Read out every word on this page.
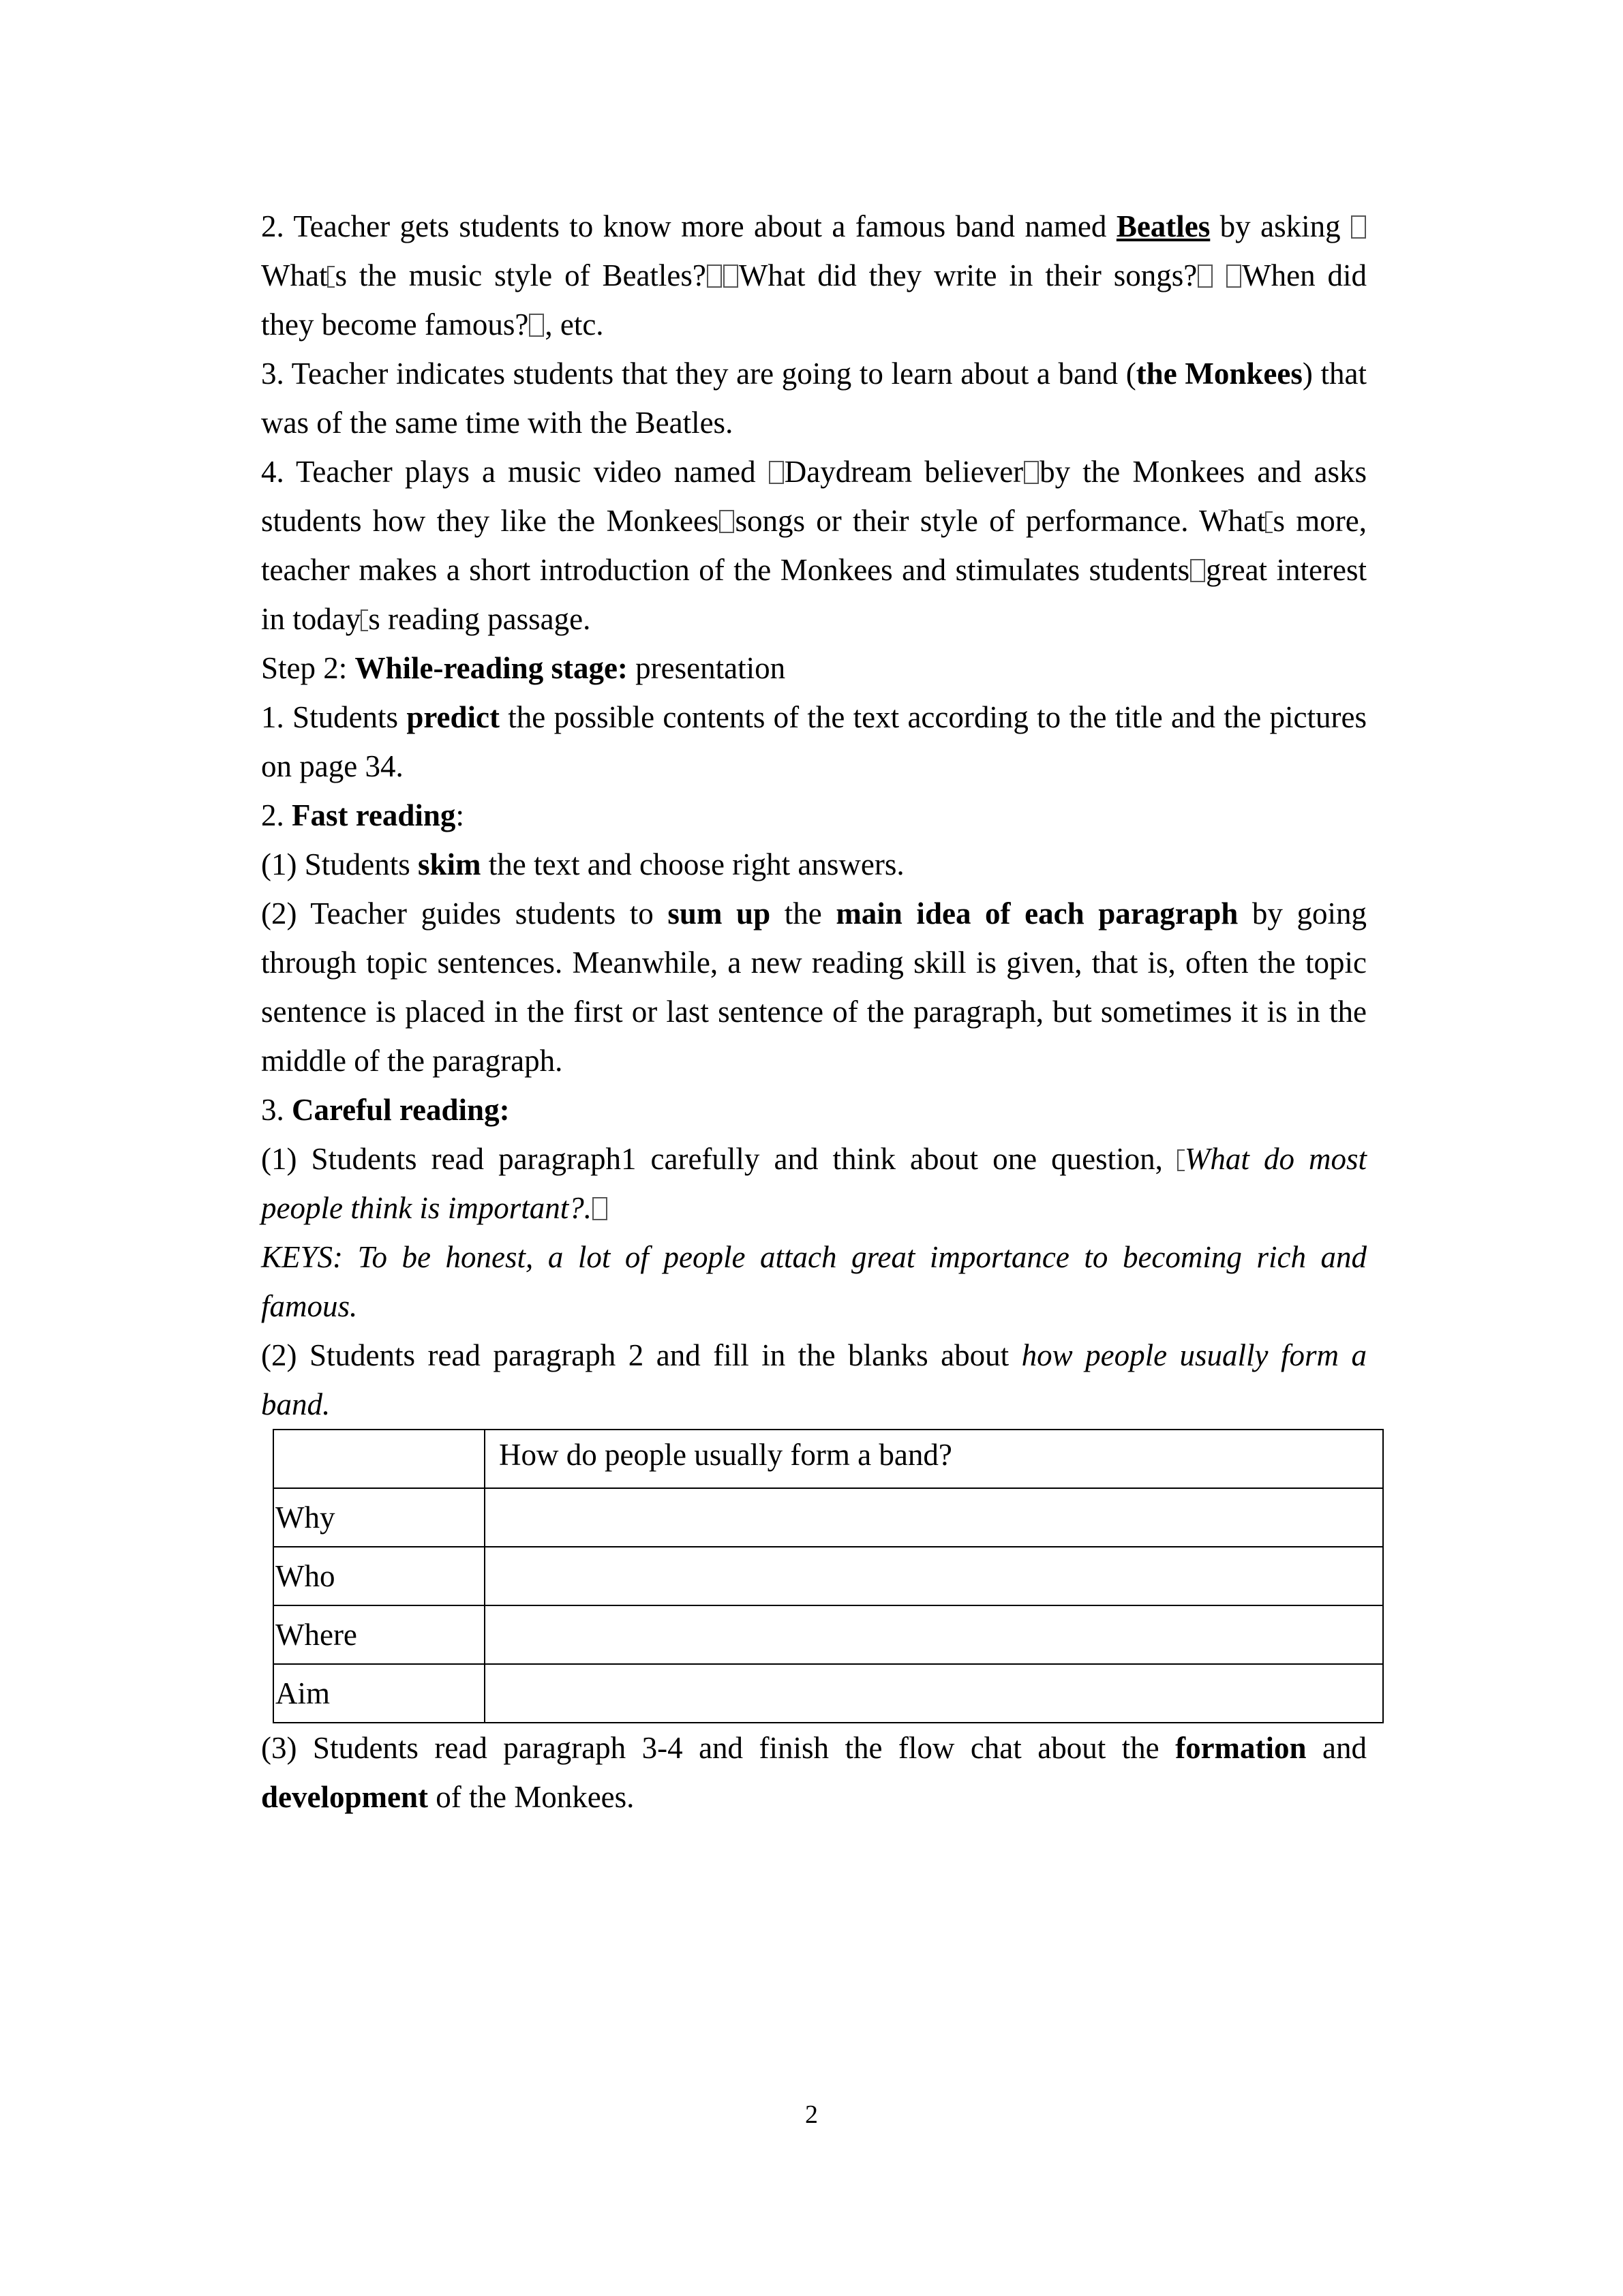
2. Teacher gets students to know more about a famous band named Beatles by asking What s the music style of Beatles? What did they write in their songs? When did they become famous? , etc.

3. Teacher indicates students that they are going to learn about a band (the Monkees) that was of the same time with the Beatles.

4. Teacher plays a music video named Daydream believer by the Monkees and asks students how they like the Monkees songs or their style of performance. What s more, teacher makes a short introduction of the Monkees and stimulates students great interest in today s reading passage.

Step 2: While-reading stage: presentation

1. Students predict the possible contents of the text according to the title and the pictures on page 34.

2. Fast reading:

(1) Students skim the text and choose right answers.

(2) Teacher guides students to sum up the main idea of each paragraph by going through topic sentences. Meanwhile, a new reading skill is given, that is, often the topic sentence is placed in the first or last sentence of the paragraph, but sometimes it is in the middle of the paragraph.

3. Careful reading:

(1) Students read paragraph1 carefully and think about one question, What do most people think is important?.

KEYS: To be honest, a lot of people attach great importance to becoming rich and famous.

(2) Students read paragraph 2 and fill in the blanks about how people usually form a band.

	How do people usually form a band?
Why	
Who	
Where	
Aim	

(3) Students read paragraph 3-4 and finish the flow chat about the formation and development of the Monkees.

2
